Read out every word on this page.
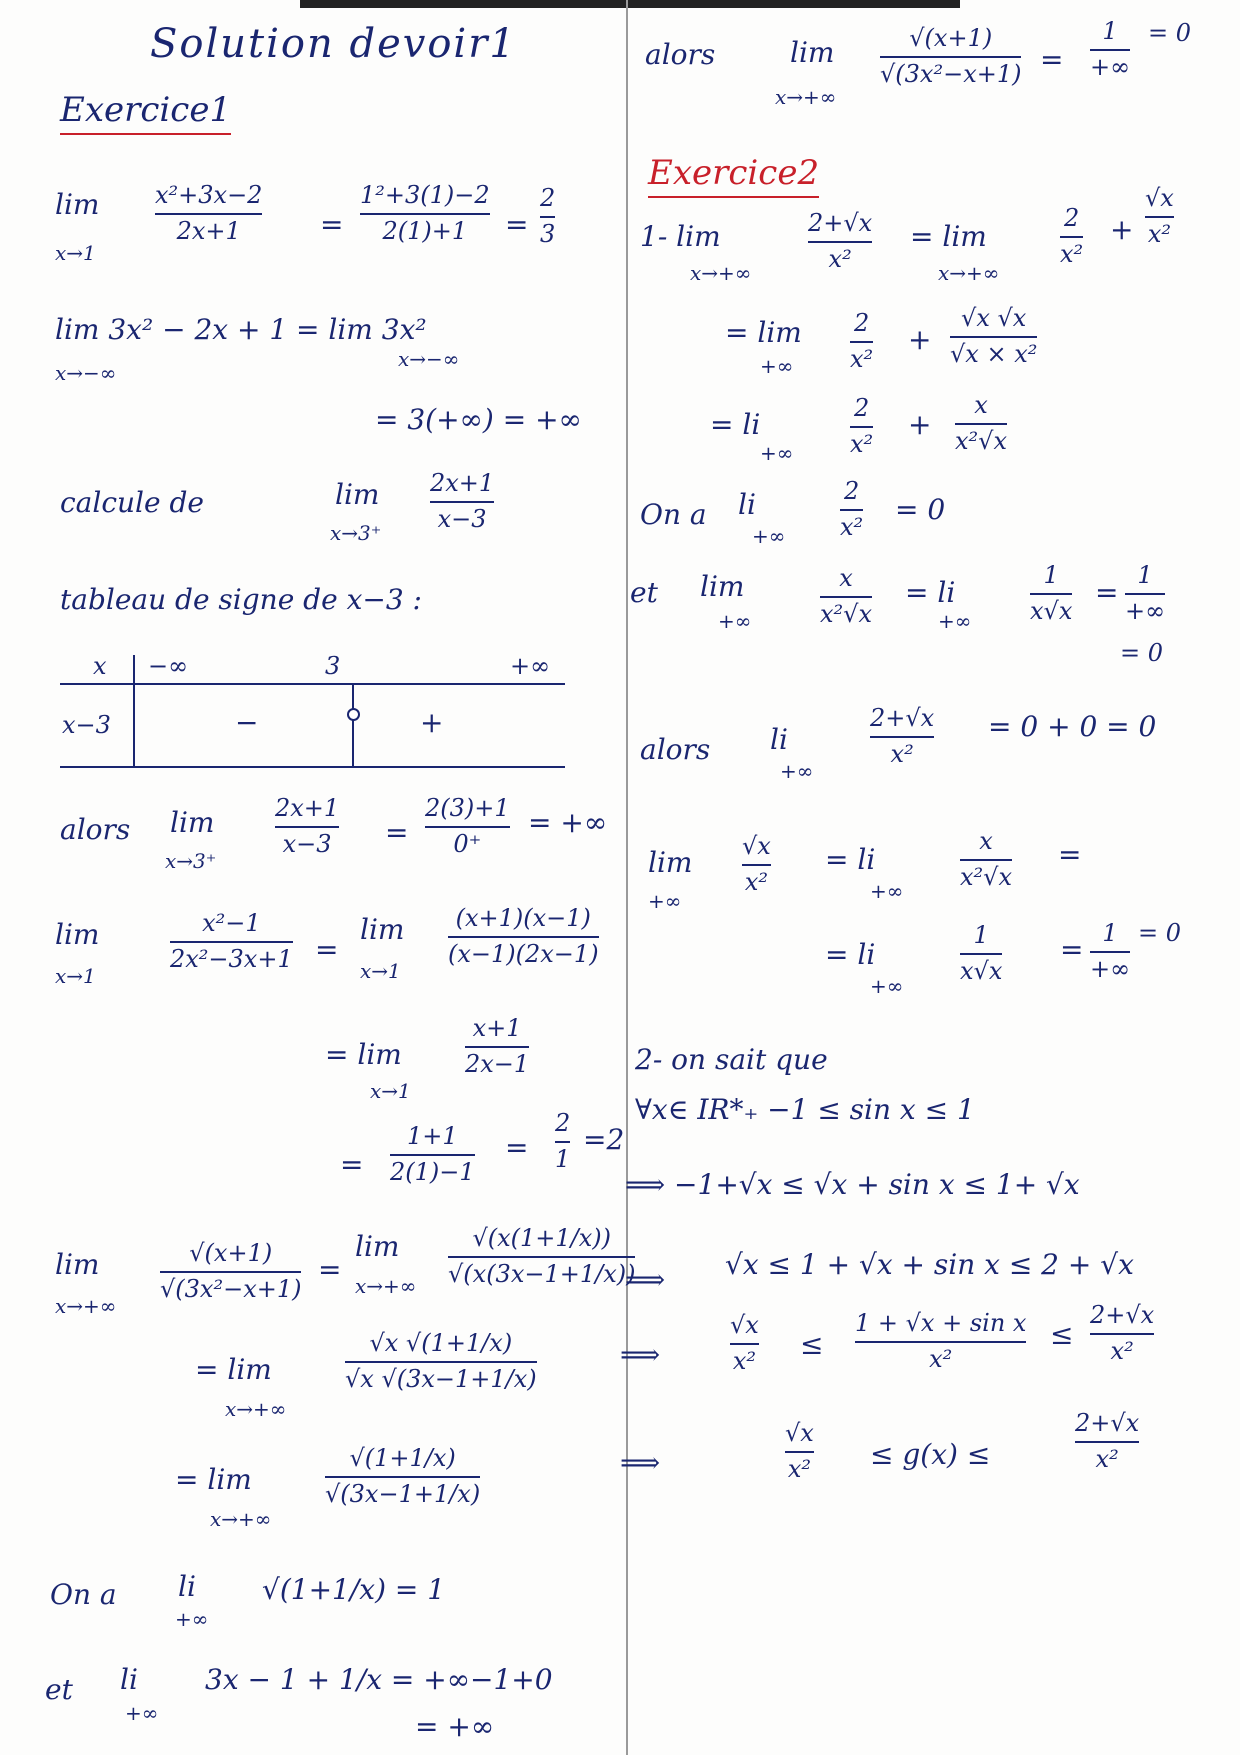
Solution devoir1
Exercice1
lim
x→1
x²+3x−2
2x+1	=
1²+3(1)−2
2(1)+1 =
2
3
lim 3x² − 2x + 1 = lim 3x²
x→−∞
x→−∞
= 3(+∞) = +∞
calcule de	lim
x→3⁺
2x+1
x−3
tableau de signe de x−3 :
x −∞	3	+∞
x−3	−	+
alors lim
x→3⁺
2x+1
x−3 =
2(3)+1
0⁺
= +∞
lim
x→1
x²−1
2x²−3x+1 =
lim
x→1
(x+1)(x−1)
(x−1)(2x−1)
= lim
x→1
x+1
2x−1
=
1+1
2(1)−1
=
2
1
=2
lim
x→+∞
√(x+1)
√(3x²−x+1)
=
lim
x→+∞
√(x(1+1/x))
√(x(3x−1+1/x))
= lim
x→+∞
√x √(1+1/x)
√x √(3x−1+1/x)
= lim
x→+∞
√(1+1/x)
√(3x−1+1/x)
On a li
+∞
√(1+1/x) = 1
et li
+∞
3x − 1 + 1/x = +∞−1+0
= +∞
alors	lim
x→+∞
√(x+1)
√(3x²−x+1) =
1
+∞
= 0
Exercice2
1- lim
x→+∞
2+√x
x²
= lim
x→+∞
2
x²
+
√x
x²
= lim
+∞
2
x²
+
√x √x
√x × x²
= li
+∞
2
x²
+
x
x²√x
On a li
+∞
2
x²
= 0
et lim
+∞
x
x²√x
= li
+∞
1
x√x
=
1
+∞
= 0
alors li
+∞
2+√x
x²
= 0 + 0 = 0
lim
+∞
√x
x²
= li
+∞
x
x²√x
=
= li
+∞
1
x√x
= 1
+∞
= 0
2- on sait que
∀x∈ IR*₊ −1 ≤ sin x ≤ 1
⟹ −1+√x ≤ √x + sin x ≤ 1+ √x
⟹ √x ≤ 1 + √x + sin x ≤ 2 + √x
⟹
√x
x² ≤
1 + √x + sin x
x²
≤
2+√x
x²
⟹
√x
x² ≤ g(x) ≤
2+√x
x²
